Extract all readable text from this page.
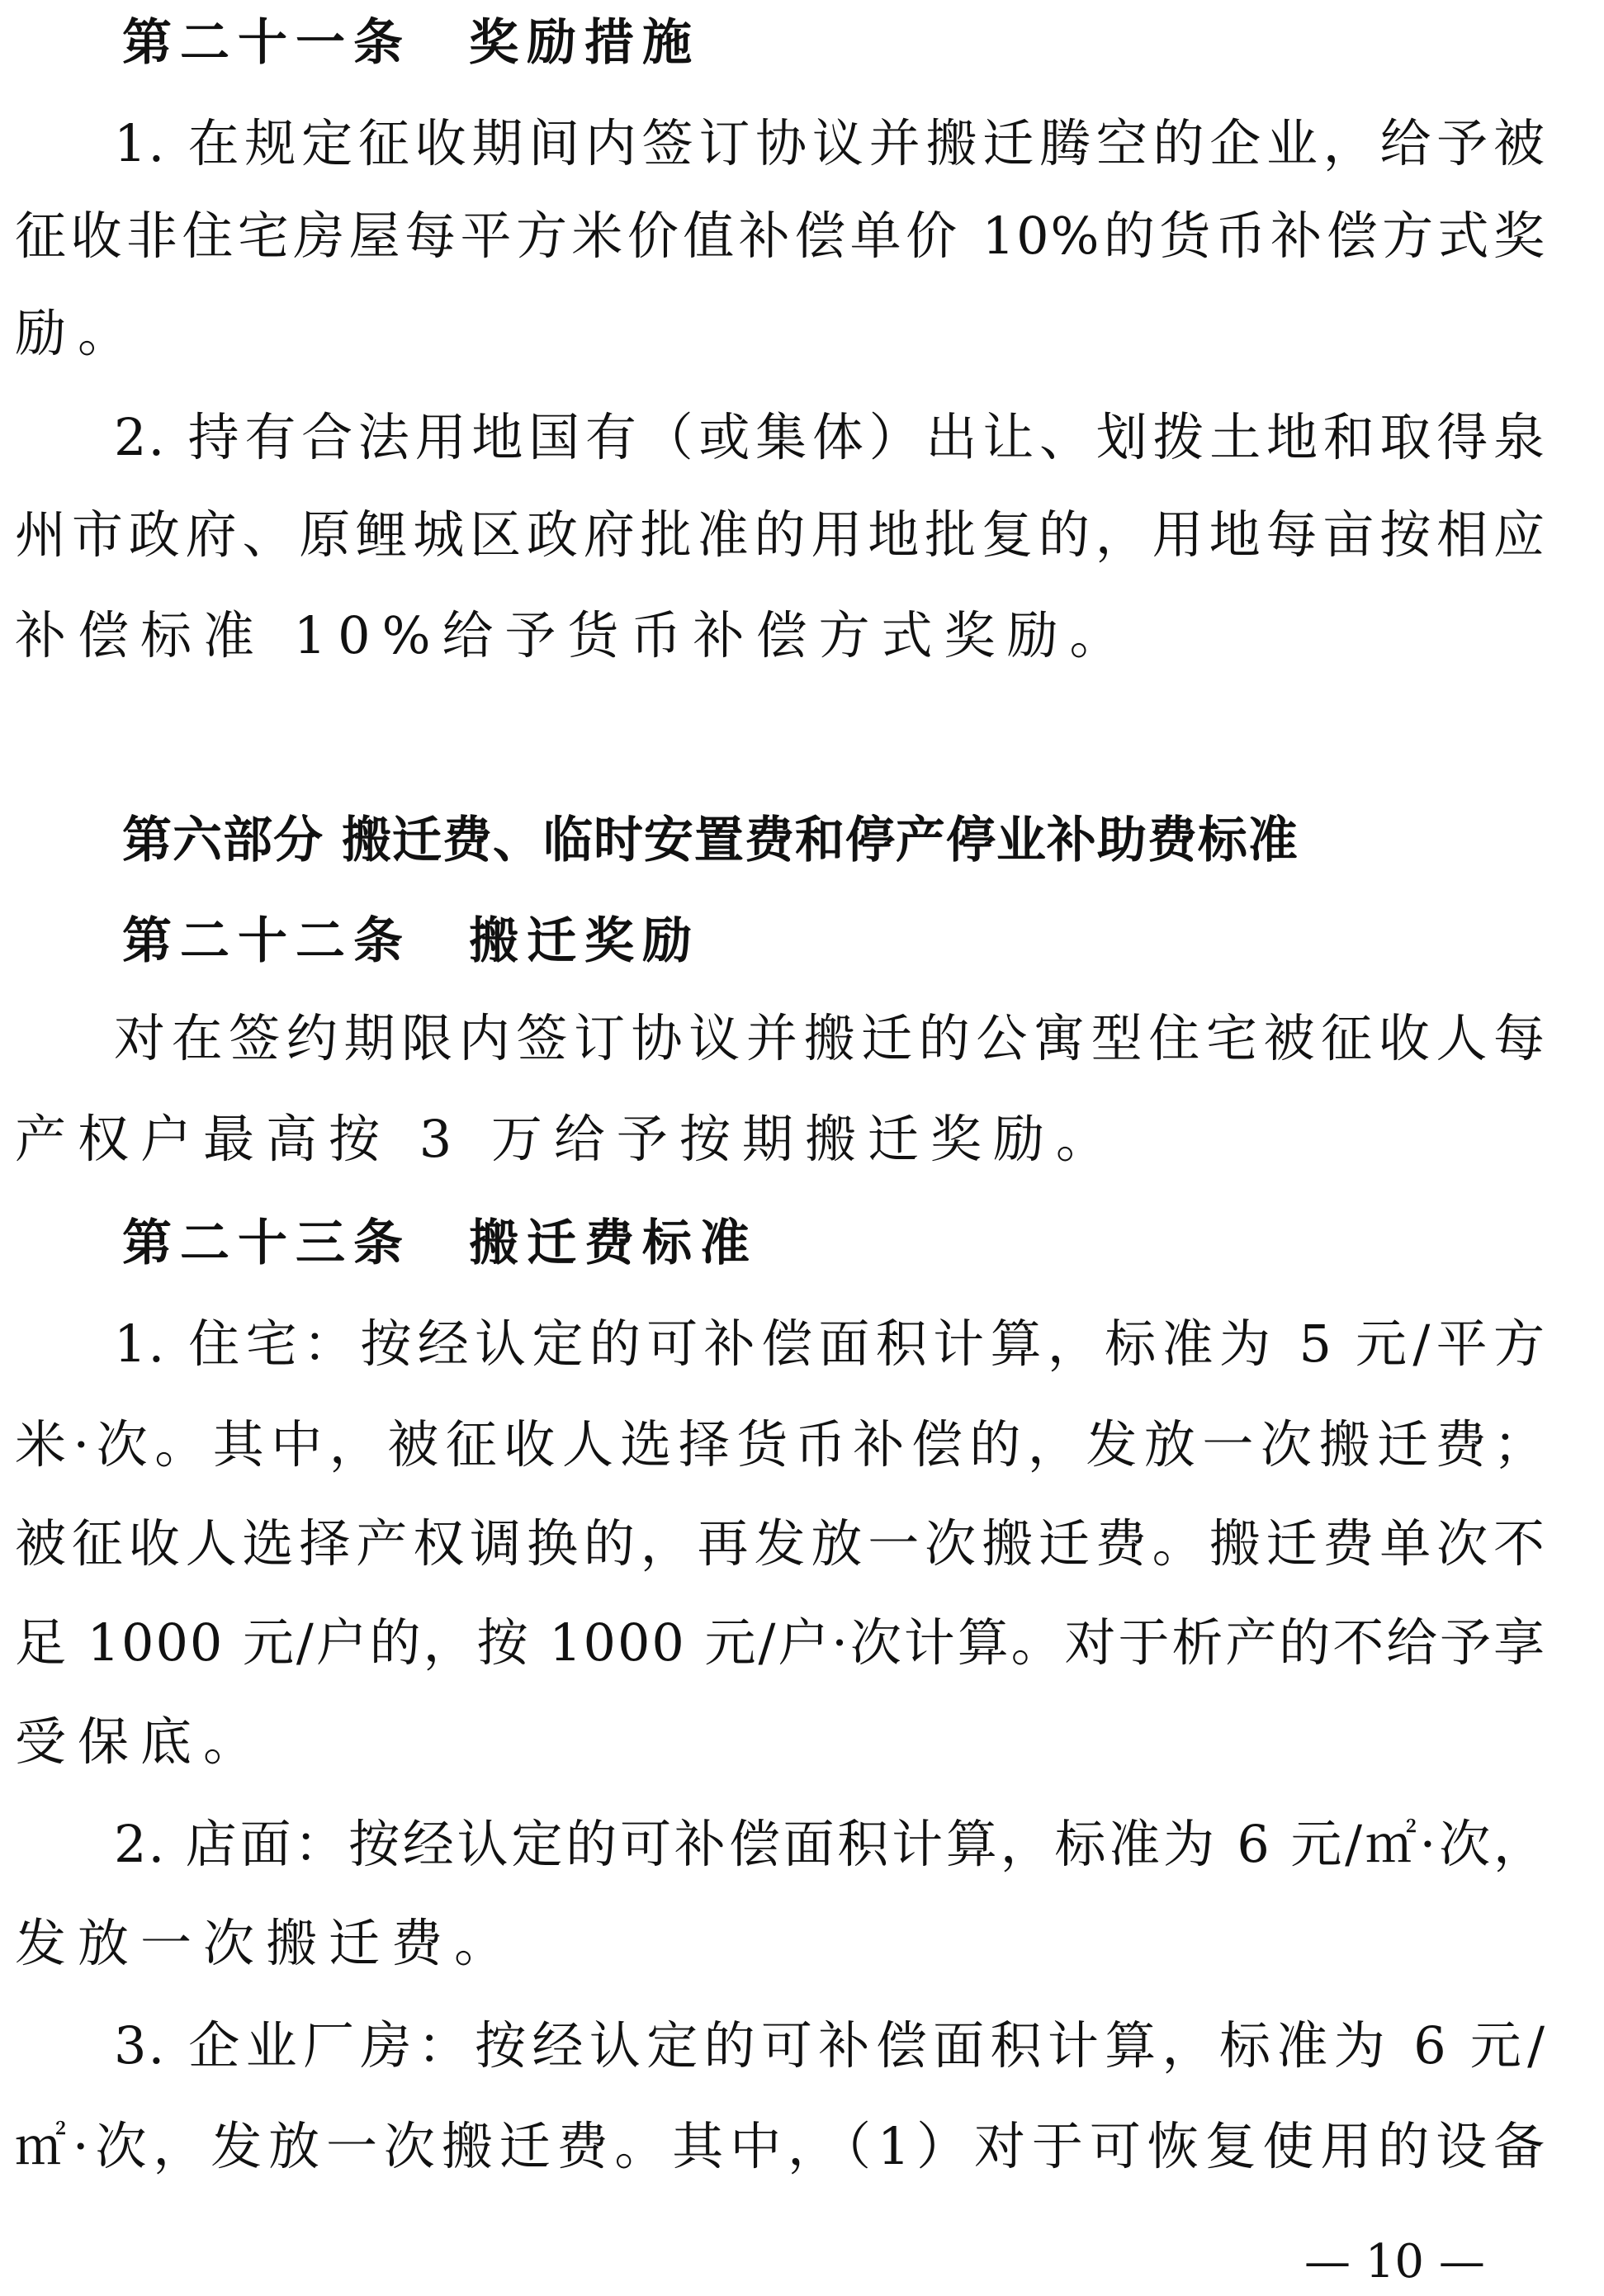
第二十一条 奖励措施
1. 在规定征收期间内签订协议并搬迁腾空的企业，给予被
征收非住宅房屋每平方米价值补偿单价 10%的货币补偿方式奖
励。
2. 持有合法用地国有（或集体）出让、划拨土地和取得泉
州市政府、原鲤城区政府批准的用地批复的，用地每亩按相应
补偿标准 10%给予货币补偿方式奖励。
第六部分 搬迁费、临时安置费和停产停业补助费标准
第二十二条 搬迁奖励
对在签约期限内签订协议并搬迁的公寓型住宅被征收人每
产权户最高按 3 万给予按期搬迁奖励。
第二十三条 搬迁费标准
1. 住宅：按经认定的可补偿面积计算，标准为 5 元/平方
米·次。其中，被征收人选择货币补偿的，发放一次搬迁费；
被征收人选择产权调换的，再发放一次搬迁费。搬迁费单次不
足 1000 元/户的，按 1000 元/户·次计算。对于析产的不给予享
受保底。
2. 店面：按经认定的可补偿面积计算，标准为 6 元/㎡·次，
发放一次搬迁费。
3. 企业厂房：按经认定的可补偿面积计算，标准为 6 元/
㎡·次，发放一次搬迁费。其中，（1）对于可恢复使用的设备
— 10 —
